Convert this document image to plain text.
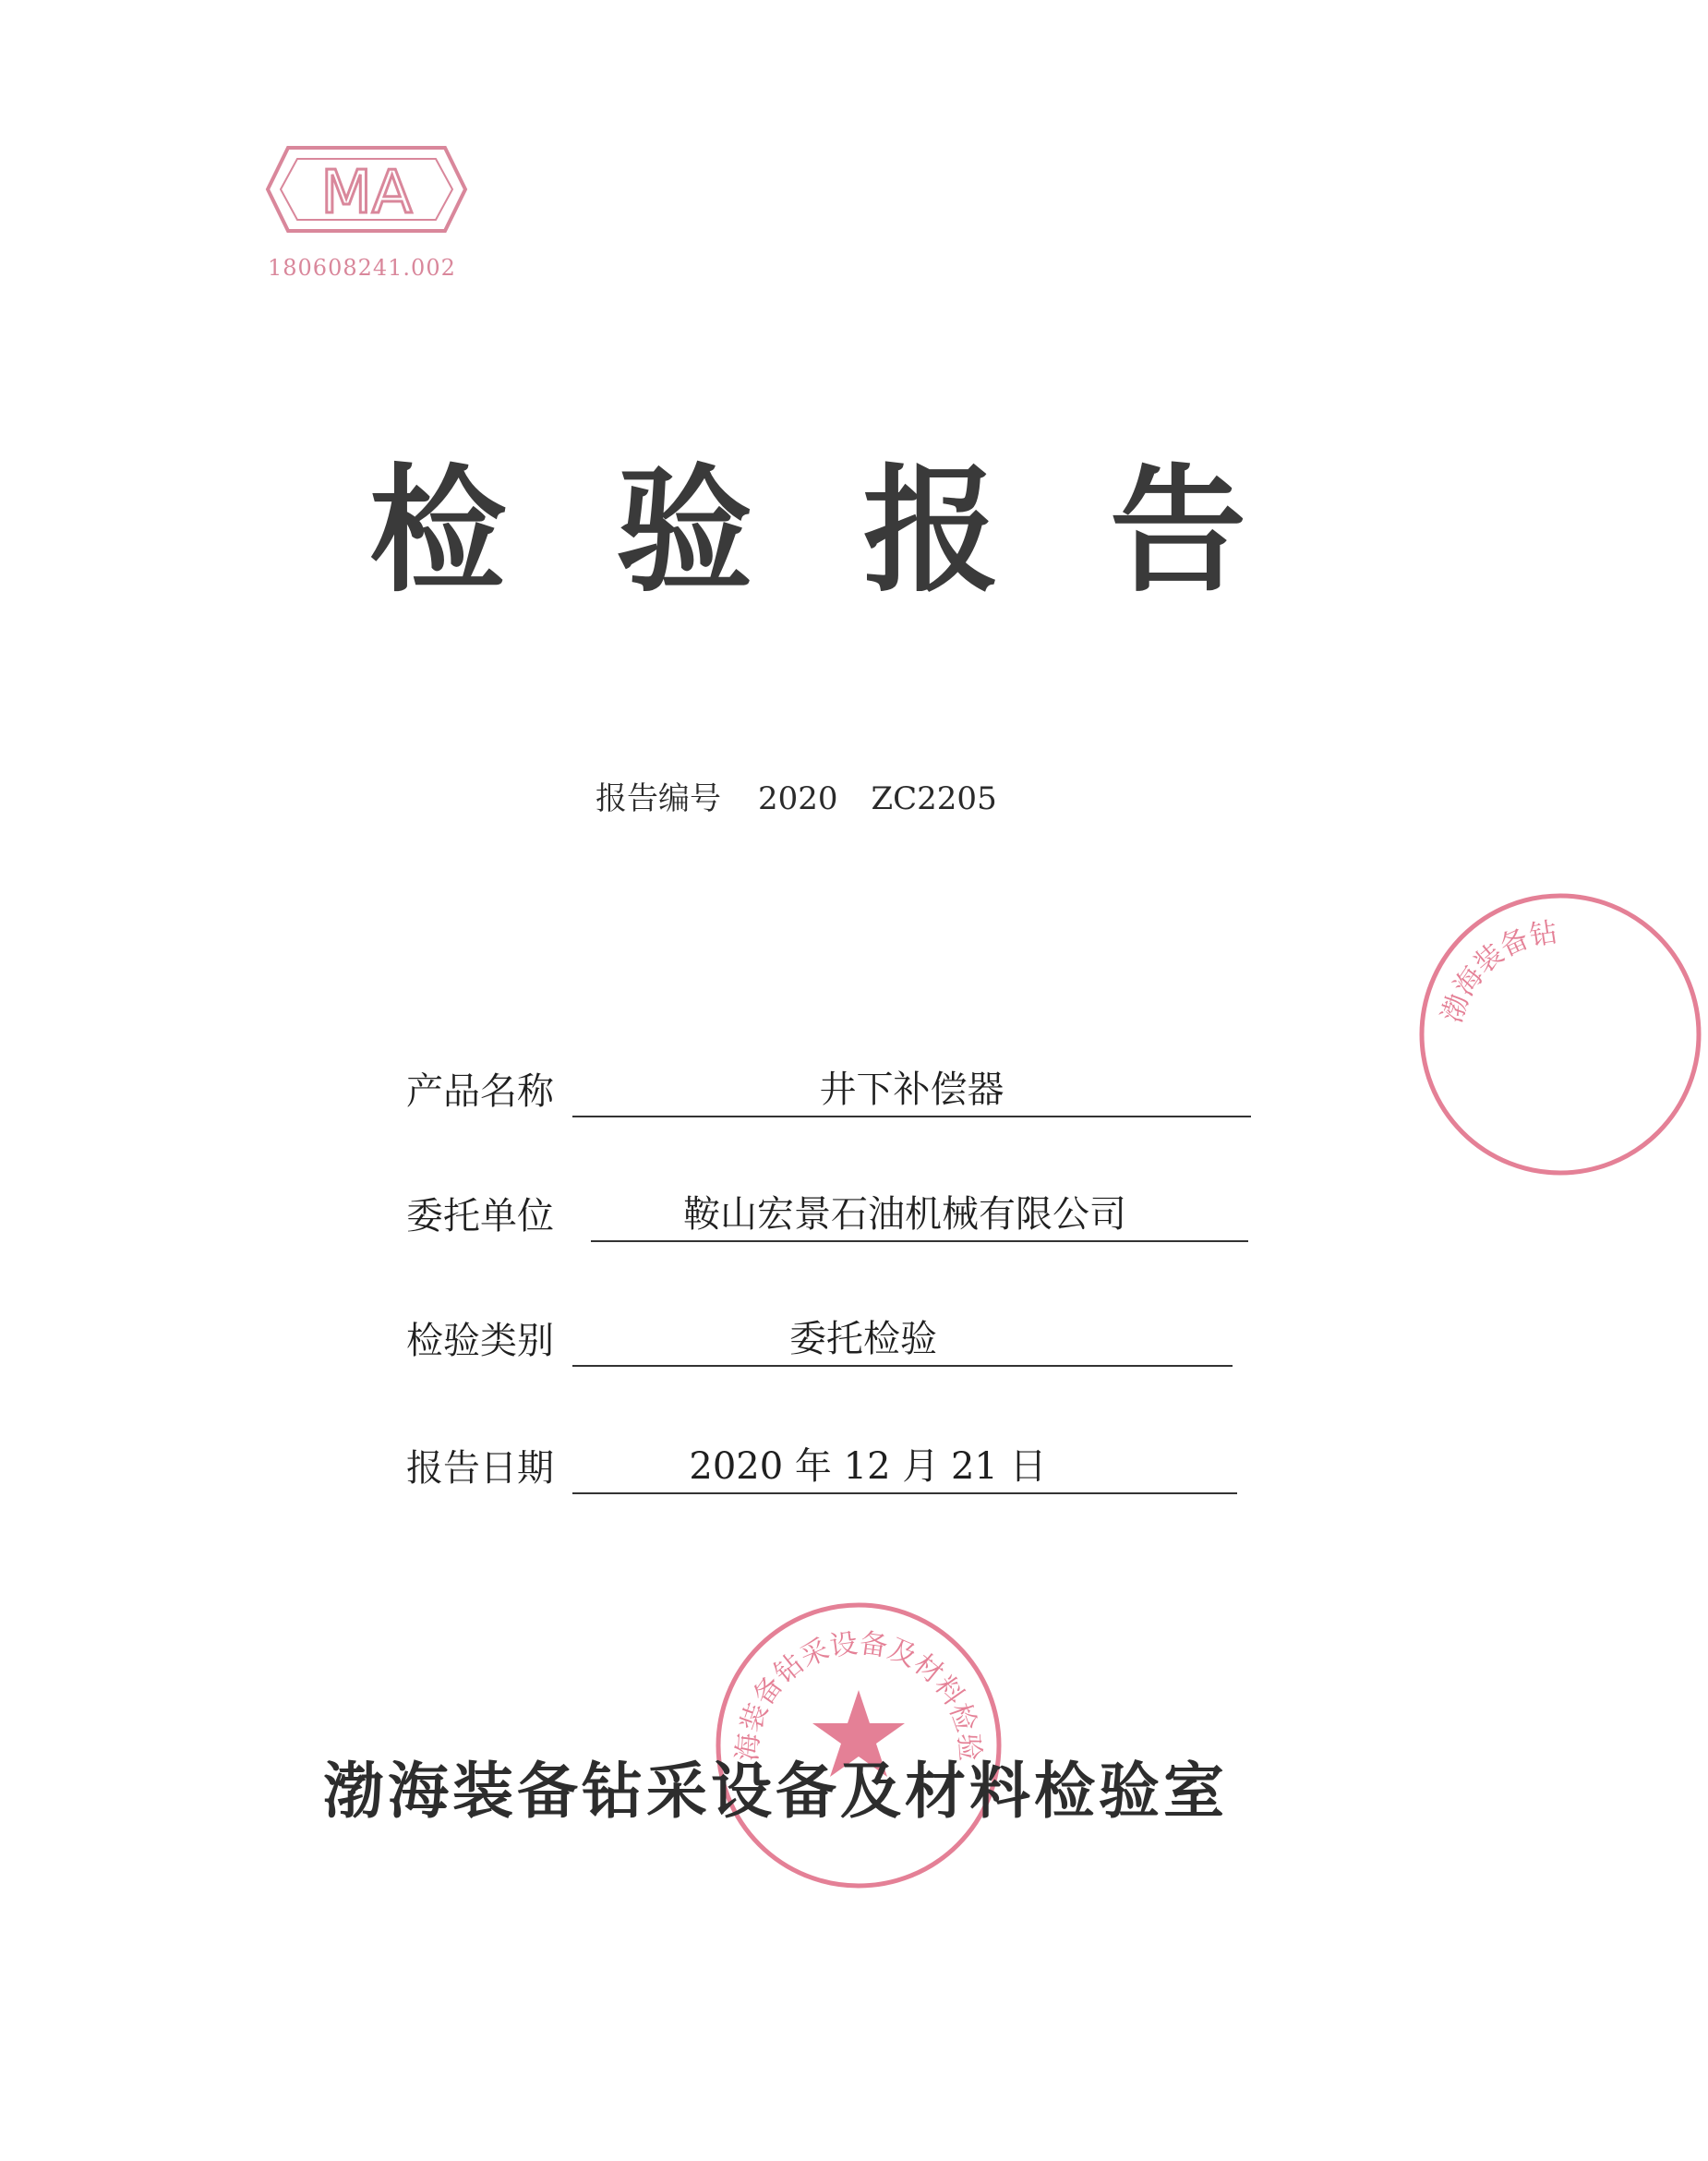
MA
180608241.002
检 验 报 告
报告编号 2020 ZC2205
产品名称	井下补偿器
委托单位	鞍山宏景石油机械有限公司
检验类别	委托检验
报告日期	2020 年 12 月 21 日
海装备钻采设备及材料检验
渤海装备钻
渤海装备钻采设备及材料检验室
